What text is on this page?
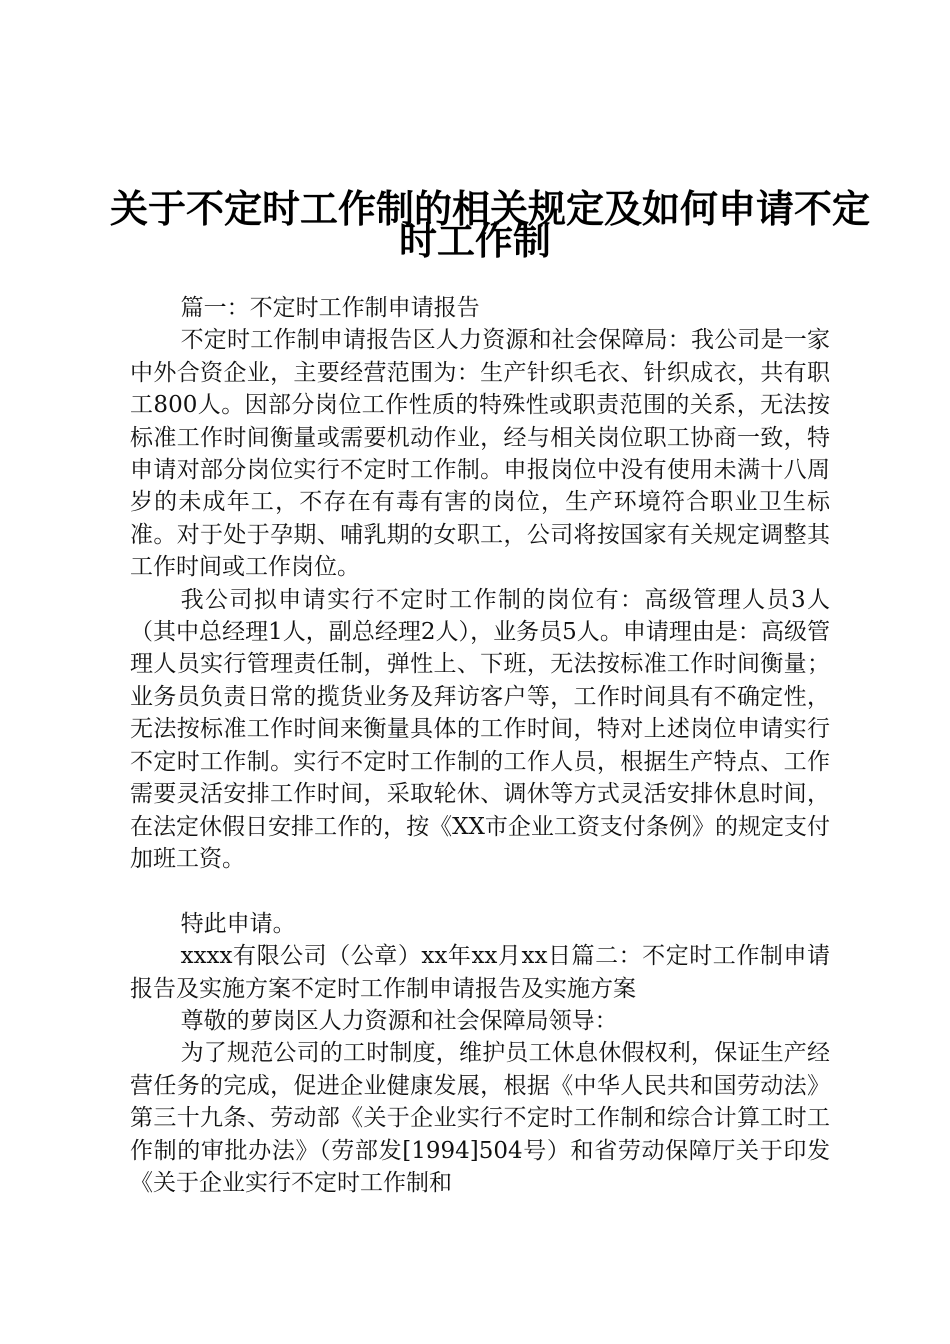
关于不定时工作制的相关规定及如何申请不定
时工作制

篇一：不定时工作制申请报告

不定时工作制申请报告区人力资源和社会保障局：我公司是一家中外合资企业，主要经营范围为：生产针织毛衣、针织成衣，共有职工800人。因部分岗位工作性质的特殊性或职责范围的关系，无法按标准工作时间衡量或需要机动作业，经与相关岗位职工协商一致，特申请对部分岗位实行不定时工作制。申报岗位中没有使用未满十八周岁的未成年工，不存在有毒有害的岗位，生产环境符合职业卫生标准。对于处于孕期、哺乳期的女职工，公司将按国家有关规定调整其工作时间或工作岗位。

我公司拟申请实行不定时工作制的岗位有：高级管理人员3人（其中总经理1人，副总经理2人），业务员5人。申请理由是：高级管理人员实行管理责任制，弹性上、下班，无法按标准工作时间衡量；业务员负责日常的揽货业务及拜访客户等，工作时间具有不确定性，无法按标准工作时间来衡量具体的工作时间，特对上述岗位申请实行不定时工作制。实行不定时工作制的工作人员，根据生产特点、工作需要灵活安排工作时间，采取轮休、调休等方式灵活安排休息时间，在法定休假日安排工作的，按《XX市企业工资支付条例》的规定支付加班工资。

特此申请。

xxxx有限公司（公章）xx年xx月xx日篇二：不定时工作制申请报告及实施方案不定时工作制申请报告及实施方案

尊敬的萝岗区人力资源和社会保障局领导：

为了规范公司的工时制度，维护员工休息休假权利，保证生产经营任务的完成，促进企业健康发展，根据《中华人民共和国劳动法》第三十九条、劳动部《关于企业实行不定时工作制和综合计算工时工作制的审批办法》（劳部发[1994]504号）和省劳动保障厅关于印发《关于企业实行不定时工作制和
